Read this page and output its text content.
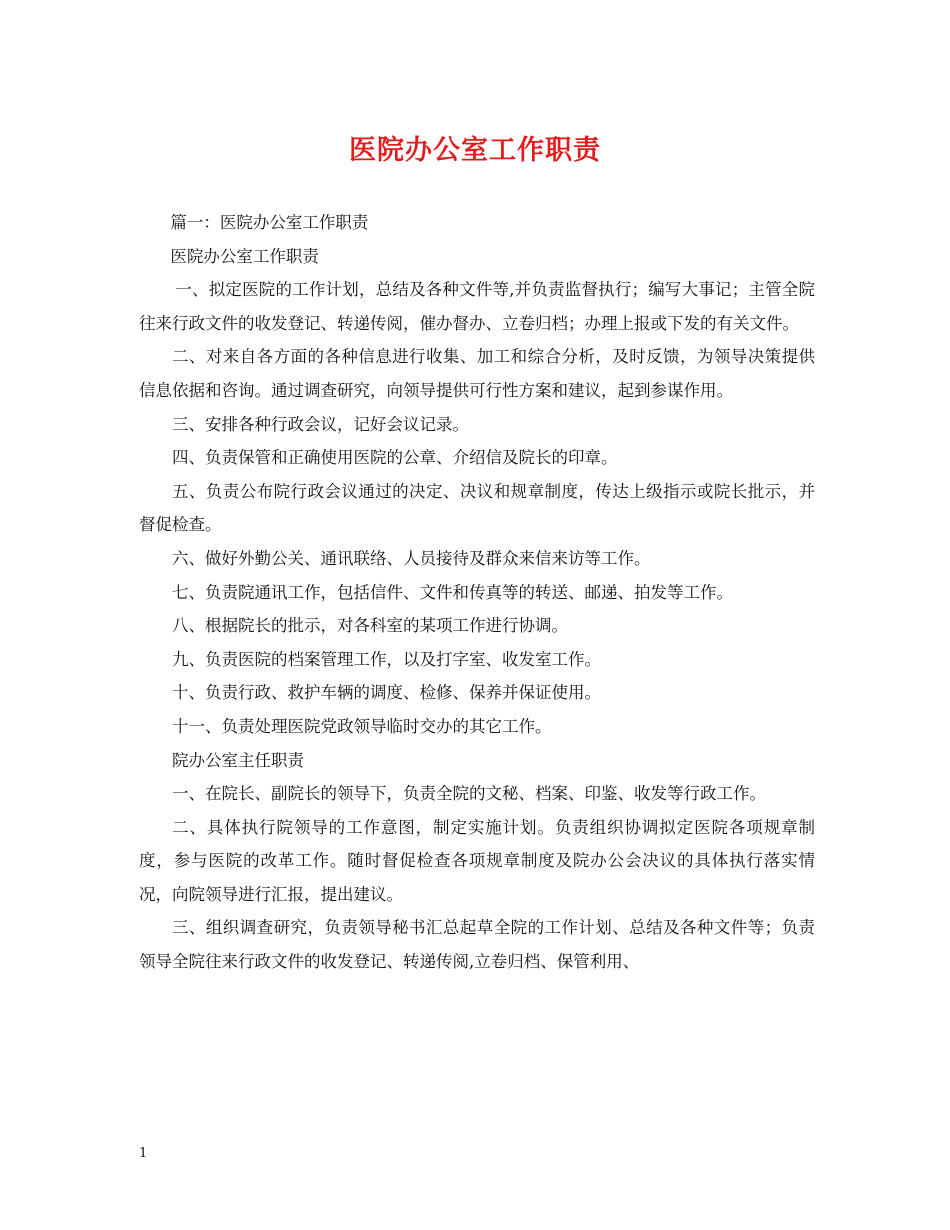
医院办公室工作职责

篇一：医院办公室工作职责

医院办公室工作职责

一、拟定医院的工作计划，总结及各种文件等,并负责监督执行；编写大事记；主管全院往来行政文件的收发登记、转递传阅，催办督办、立卷归档；办理上报或下发的有关文件。

二、对来自各方面的各种信息进行收集、加工和综合分析，及时反馈，为领导决策提供信息依据和咨询。通过调查研究，向领导提供可行性方案和建议，起到参谋作用。

三、安排各种行政会议，记好会议记录。

四、负责保管和正确使用医院的公章、介绍信及院长的印章。

五、负责公布院行政会议通过的决定、决议和规章制度，传达上级指示或院长批示，并督促检查。

六、做好外勤公关、通讯联络、人员接待及群众来信来访等工作。

七、负责院通讯工作，包括信件、文件和传真等的转送、邮递、拍发等工作。

八、根据院长的批示，对各科室的某项工作进行协调。

九、负责医院的档案管理工作，以及打字室、收发室工作。

十、负责行政、救护车辆的调度、检修、保养并保证使用。

十一、负责处理医院党政领导临时交办的其它工作。

院办公室主任职责

一、在院长、副院长的领导下，负责全院的文秘、档案、印鉴、收发等行政工作。

二、具体执行院领导的工作意图，制定实施计划。负责组织协调拟定医院各项规章制度，参与医院的改革工作。随时督促检查各项规章制度及院办公会决议的具体执行落实情况，向院领导进行汇报，提出建议。

三、组织调查研究，负责领导秘书汇总起草全院的工作计划、总结及各种文件等；负责领导全院往来行政文件的收发登记、转递传阅,立卷归档、保管利用、

1
